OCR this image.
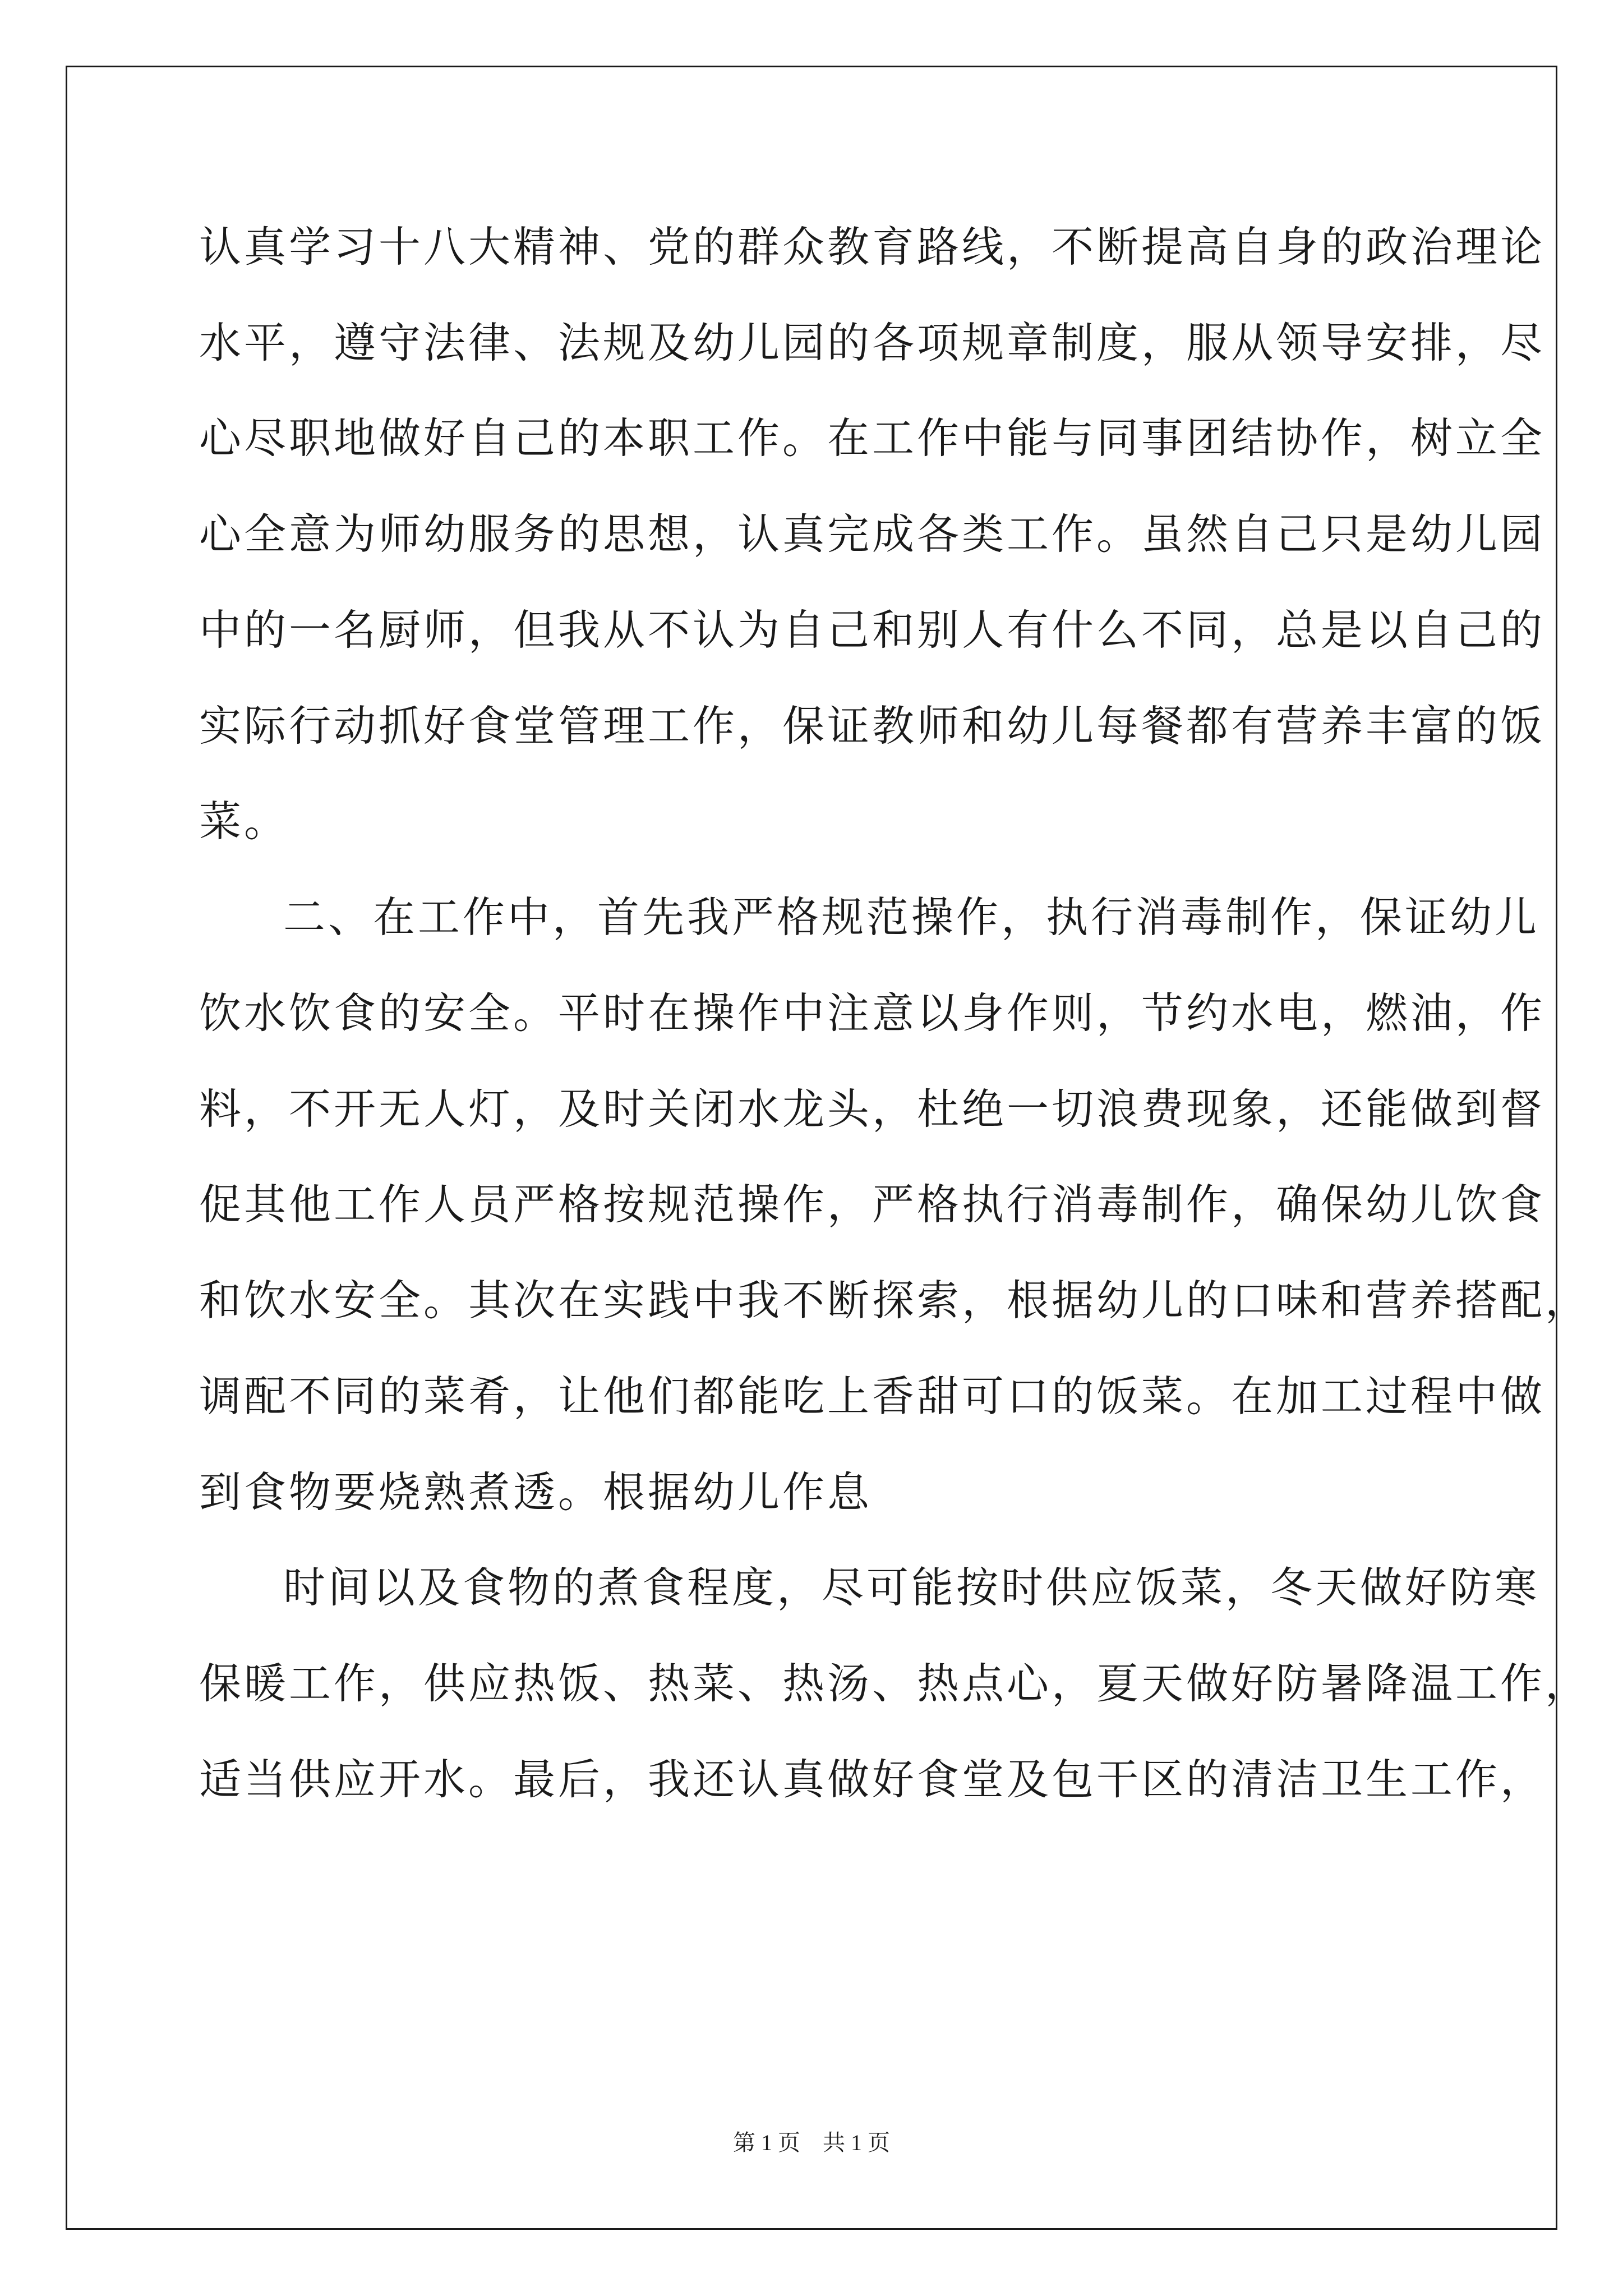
认真学习十八大精神、党的群众教育路线，不断提高自身的政治理论
水平，遵守法律、法规及幼儿园的各项规章制度，服从领导安排，尽
心尽职地做好自己的本职工作。在工作中能与同事团结协作，树立全
心全意为师幼服务的思想，认真完成各类工作。虽然自己只是幼儿园
中的一名厨师，但我从不认为自己和别人有什么不同，总是以自己的
实际行动抓好食堂管理工作，保证教师和幼儿每餐都有营养丰富的饭
菜。
二、在工作中，首先我严格规范操作，执行消毒制作，保证幼儿
饮水饮食的安全。平时在操作中注意以身作则，节约水电，燃油，作
料，不开无人灯，及时关闭水龙头，杜绝一切浪费现象，还能做到督
促其他工作人员严格按规范操作，严格执行消毒制作，确保幼儿饮食
和饮水安全。其次在实践中我不断探索，根据幼儿的口味和营养搭配，
调配不同的菜肴，让他们都能吃上香甜可口的饭菜。在加工过程中做
到食物要烧熟煮透。根据幼儿作息
时间以及食物的煮食程度，尽可能按时供应饭菜，冬天做好防寒
保暖工作，供应热饭、热菜、热汤、热点心，夏天做好防暑降温工作，
适当供应开水。最后，我还认真做好食堂及包干区的清洁卫生工作，
第 1 页    共 1 页
